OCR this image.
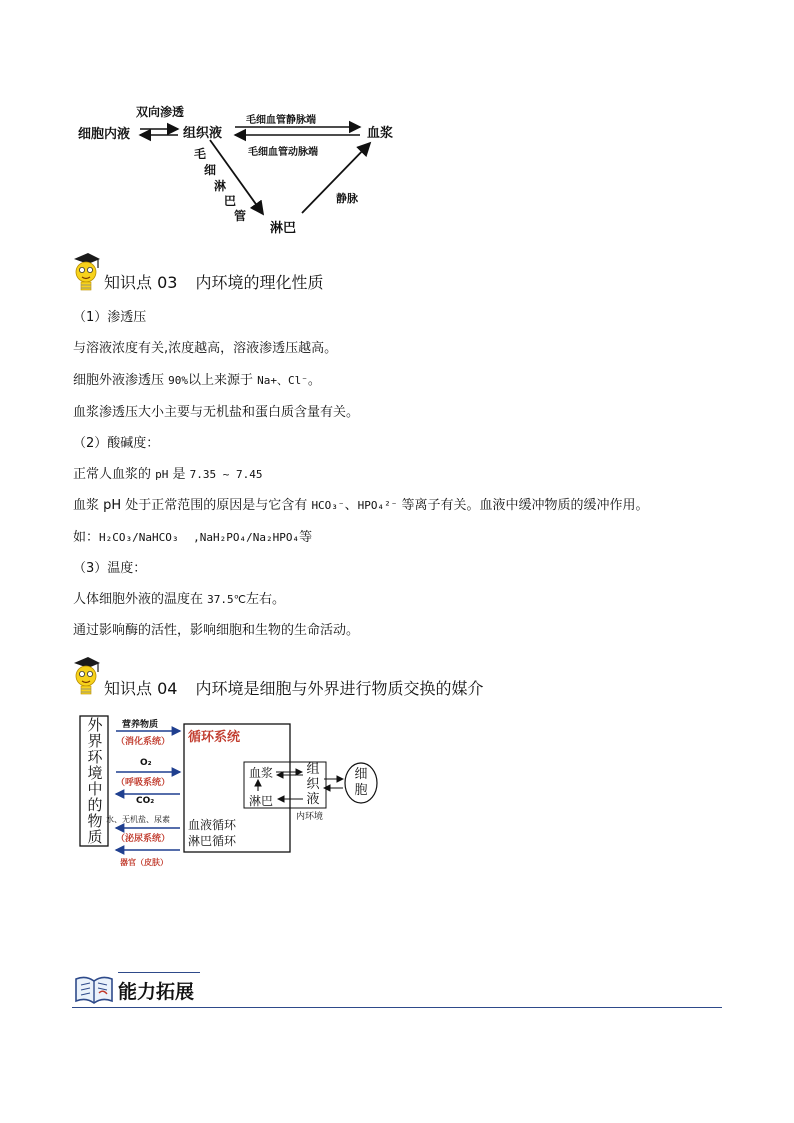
双向渗透
细胞内液	组织液	血浆
毛细血管静脉端
毛细血管动脉端
毛
细
淋
巴
管
静脉
淋巴
知识点 03 内环境的理化性质
（1）渗透压
与溶液浓度有关,浓度越高，溶液渗透压越高。
细胞外液渗透压 90%以上来源于 Na+、Cl⁻。
血浆渗透压大小主要与无机盐和蛋白质含量有关。
（2）酸碱度：
正常人血浆的 pH 是 7.35 ~ 7.45
血浆 pH 处于正常范围的原因是与它含有 HCO₃⁻、HPO₄²⁻ 等离子有关。血液中缓冲物质的缓冲作用。
如：H₂CO₃/NaHCO₃ ,NaH₂PO₄/Na₂HPO₄等
（3）温度：
人体细胞外液的温度在 37.5℃左右。
通过影响酶的活性，影响细胞和生物的生命活动。
知识点 04 内环境是细胞与外界进行物质交换的媒介
外
界
环
境
中
的
物
质
营养物质
（消化系统）
O₂
（呼吸系统）
CO₂
水、无机盐、尿素
（泌尿系统）
器官（皮肤）
循环系统
血浆
淋巴
组
织
液
内环境
血液循环
淋巴循环
细
胞
能力拓展
